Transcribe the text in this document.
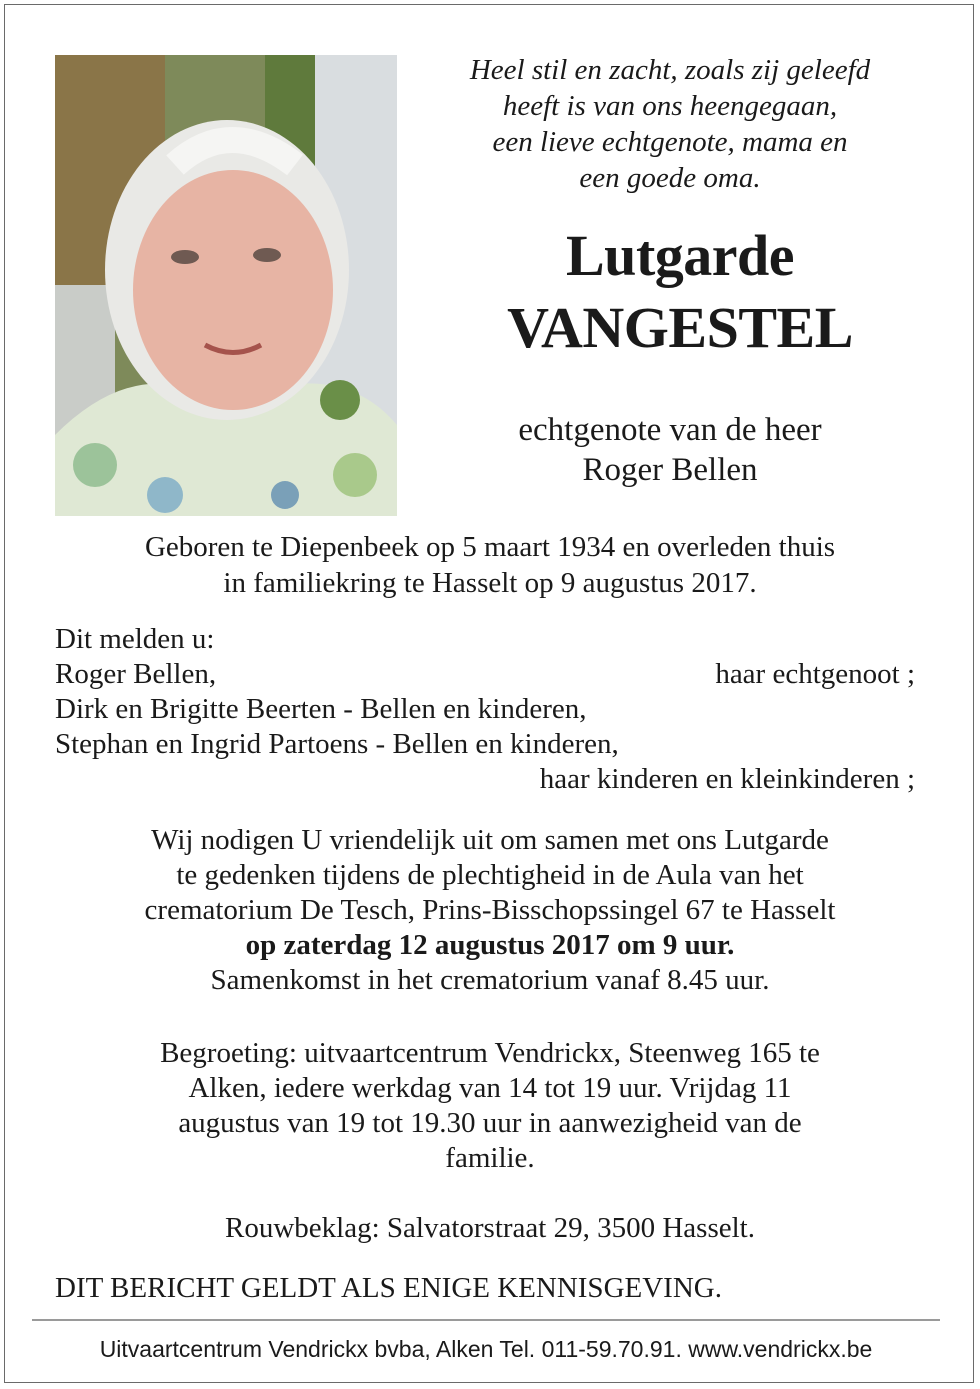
Heel stil en zacht, zoals zij geleefd
heeft is van ons heengegaan,
een lieve echtgenote, mama en
een goede oma.
Lutgarde
VANGESTEL
echtgenote van de heer
Roger Bellen
Geboren te Diepenbeek op 5 maart 1934 en overleden thuis
in familiekring te Hasselt op 9 augustus 2017.
Dit melden u:
Roger Bellen,	haar echtgenoot ;
Dirk en Brigitte Beerten - Bellen en kinderen,
Stephan en Ingrid Partoens - Bellen en kinderen,
haar kinderen en kleinkinderen ;
Wij nodigen U vriendelijk uit om samen met ons Lutgarde
te gedenken tijdens de plechtigheid in de Aula van het
crematorium De Tesch, Prins-Bisschopssingel 67 te Hasselt
op zaterdag 12 augustus 2017 om 9 uur.
Samenkomst in het crematorium vanaf 8.45 uur.
Begroeting: uitvaartcentrum Vendrickx, Steenweg 165 te
Alken, iedere werkdag van 14 tot 19 uur. Vrijdag 11
augustus van 19 tot 19.30 uur in aanwezigheid van de
familie.
Rouwbeklag: Salvatorstraat 29, 3500 Hasselt.
DIT BERICHT GELDT ALS ENIGE KENNISGEVING.
Uitvaartcentrum Vendrickx bvba, Alken Tel. 011-59.70.91. www.vendrickx.be
